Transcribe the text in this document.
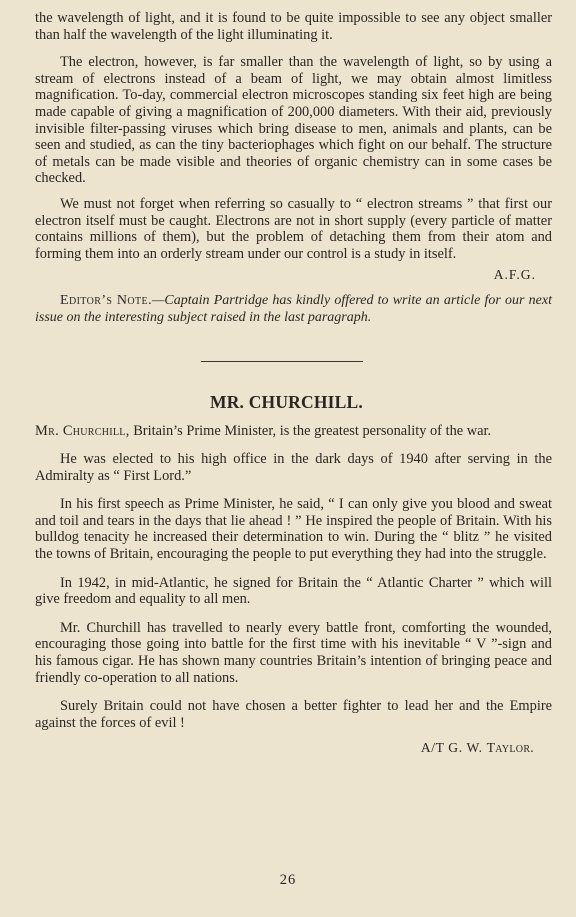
the wavelength of light, and it is found to be quite impossible to see any object smaller than half the wavelength of the light illuminating it.

The electron, however, is far smaller than the wavelength of light, so by using a stream of electrons instead of a beam of light, we may obtain almost limitless magnification. To-day, commercial electron microscopes standing six feet high are being made capable of giving a magnification of 200,000 diameters. With their aid, previously invisible filter-passing viruses which bring disease to men, animals and plants, can be seen and studied, as can the tiny bacteriophages which fight on our behalf. The structure of metals can be made visible and theories of organic chemistry can in some cases be checked.

We must not forget when referring so casually to “ electron streams ” that first our electron itself must be caught. Electrons are not in short supply (every particle of matter contains millions of them), but the problem of detaching them from their atom and forming them into an orderly stream under our control is a study in itself.

A.F.G.

Editor’s Note.—Captain Partridge has kindly offered to write an article for our next issue on the interesting subject raised in the last paragraph.

MR. CHURCHILL.

Mr. Churchill, Britain’s Prime Minister, is the greatest personality of the war.

He was elected to his high office in the dark days of 1940 after serving in the Admiralty as “ First Lord.”

In his first speech as Prime Minister, he said, “ I can only give you blood and sweat and toil and tears in the days that lie ahead ! ” He inspired the people of Britain. With his bulldog tenacity he increased their determination to win. During the “ blitz ” he visited the towns of Britain, encouraging the people to put everything they had into the struggle.

In 1942, in mid-Atlantic, he signed for Britain the “ Atlantic Charter ” which will give freedom and equality to all men.

Mr. Churchill has travelled to nearly every battle front, comforting the wounded, encouraging those going into battle for the first time with his inevitable “ V ”-sign and his famous cigar. He has shown many countries Britain’s intention of bringing peace and friendly co-operation to all nations.

Surely Britain could not have chosen a better fighter to lead her and the Empire against the forces of evil !

A/T G. W. Taylor.
26
